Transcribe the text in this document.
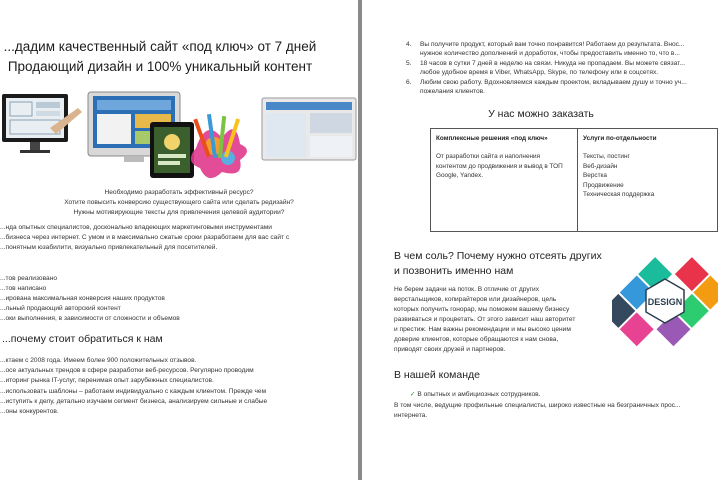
...дадим качественный сайт «под ключ» от 7 дней
Продающий дизайн и 100% уникальный контент
Необходимо разработать эффективный ресурс?
Хотите повысить конверсию существующего сайта или сделать редизайн?
Нужны мотивирующие тексты для привлечения целевой аудитории?
...нда опытных специалистов, досконально владеющих маркетинговыми инструментами
...бизнеса через интернет. С умом и в максимально сжатые сроки разработаем для вас сайт с
...понятным юзабилити, визуально привлекательный для посетителей.
...тов реализовано
...тов написано
...ирована максимальная конверсия наших продуктов
...льный продающий авторский контент
...оки выполнения, в зависимости от сложности и объемов
...почему стоит обратиться к нам
...ктаем с 2008 года. Имеем более 900 положительных отзывов.
...осе актуальных трендов в сфере разработки веб-ресурсов. Регулярно проводим
...иторинг рынка IT-услуг, перенимая опыт зарубежных специалистов.
...использовать шаблоны – работаем индивидуально с каждым клиентом. Прежде чем
...иступить к делу, детально изучаем сегмент бизнеса, анализируем сильные и слабые
...оны конкурентов.
4. Вы получите продукт, который вам точно понравится! Работаем до результата. Внос...
нужное количество дополнений и доработок, чтобы предоставить именно то, что в...
5. 18 часов в сутки 7 дней в неделю на связи. Никуда не пропадаем. Вы можете связат...
любое удобное время в Viber, WhatsApp, Skype, по телефону или в соцсетях.
6. Любим свою работу. Вдохновляемся каждым проектом, вкладываем душу и точно уч...
пожелания клиентов.
У нас можно заказать
Комплексные решения «под ключ»
От разработки сайта и наполнения контентом до продвижения и вывод в ТОП Google, Yandex.
Услуги по-отдельности
Тексты, постинг
Веб-дизайн
Верстка
Продвижение
Техническая поддержка
В чем соль? Почему нужно отсеять других
и позвонить именно нам
Не берем задачи на поток. В отличие от других
верстальщиков, копирайтеров или дизайнеров, цель
которых получить гонорар, мы поможем вашему бизнесу
развиваться и процветать. От этого зависит наш авторитет
и престиж. Нам важны рекомендации и мы высоко ценим
доверие клиентов, которые обращаются к нам снова,
приводят своих друзей и партнеров.
DESIGN
В нашей команде
✓ В опытных и амбициозных сотрудников.
В том числе, ведущие профильные специалисты, широко известные на безграничных прос...
интернета.
